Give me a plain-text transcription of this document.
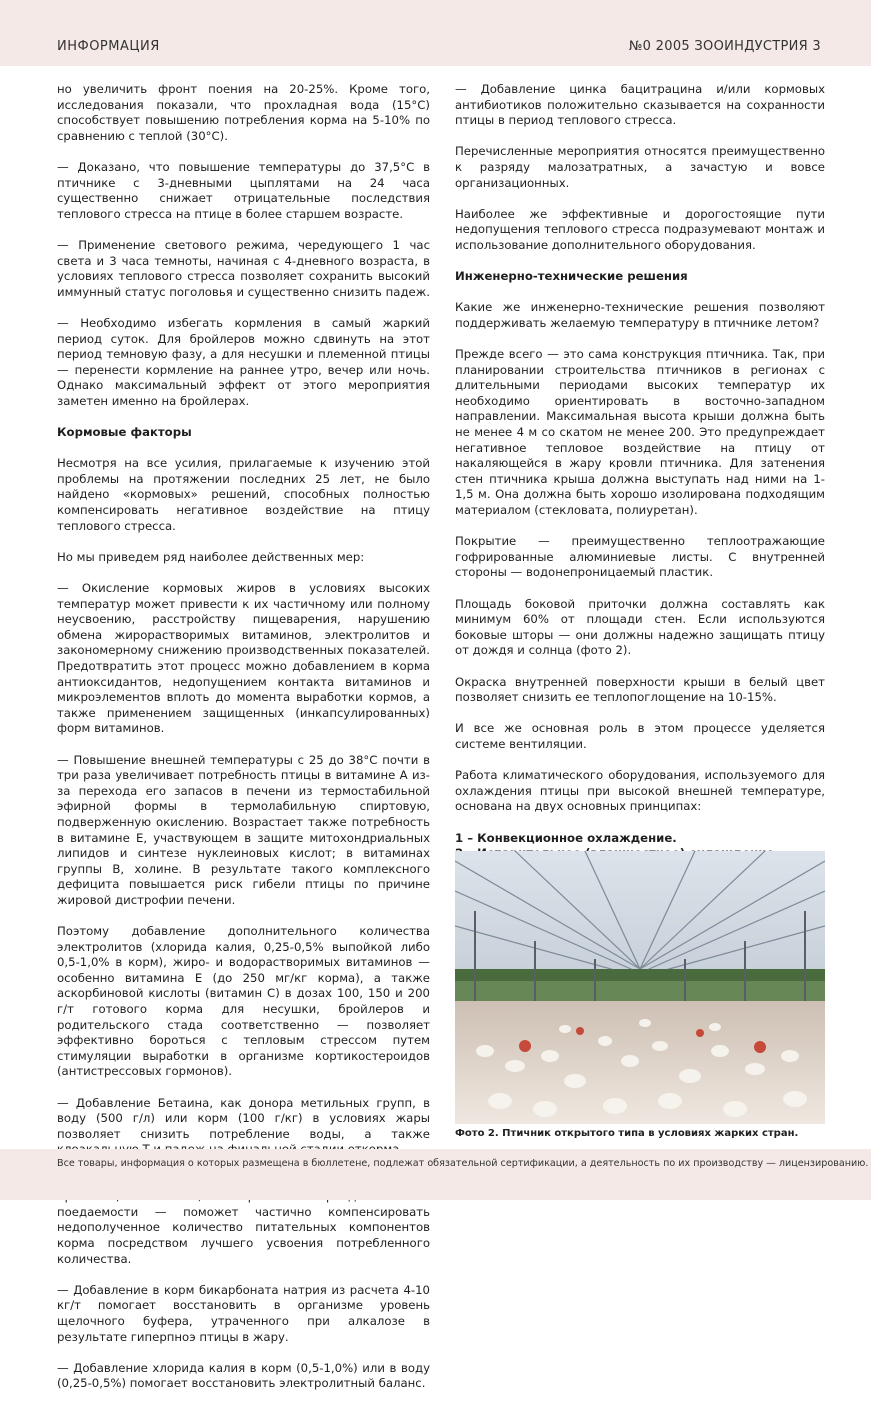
ИНФОРМАЦИЯ	№0 2005 ЗООИНДУСТРИЯ 3

но увеличить фронт поения на 20-25%. Кроме того, исследования показали, что прохладная вода (15°С) способствует повышению потребления корма на 5-10% по сравнению с теплой (30°С).

— Доказано, что повышение температуры до 37,5°С в птичнике с 3-дневными цыплятами на 24 часа существенно снижает отрицательные последствия теплового стресса на птице в более старшем возрасте.

— Применение светового режима, чередующего 1 час света и 3 часа темноты, начиная с 4-дневного возраста, в условиях теплового стресса позволяет сохранить высокий иммунный статус поголовья и существенно снизить падеж.

— Необходимо избегать кормления в самый жаркий период суток. Для бройлеров можно сдвинуть на этот период темновую фазу, а для несушки и племенной птицы — перенести кормление на раннее утро, вечер или ночь. Однако максимальный эффект от этого мероприятия заметен именно на бройлерах.

Кормовые факторы

Несмотря на все усилия, прилагаемые к изучению этой проблемы на протяжении последних 25 лет, не было найдено «кормовых» решений, способных полностью компенсировать негативное воздействие на птицу теплового стресса.

Но мы приведем ряд наиболее действенных мер:

— Окисление кормовых жиров в условиях высоких температур может привести к их частичному или полному неусвоению, расстройству пищеварения, нарушению обмена жирорастворимых витаминов, электролитов и закономерному снижению производственных показателей. Предотвратить этот процесс можно добавлением в корма антиоксидантов, недопущением контакта витаминов и микроэлементов вплоть до момента выработки кормов, а также применением защищенных (инкапсулированных) форм витаминов.

— Повышение внешней температуры с 25 до 38°С почти в три раза увеличивает потребность птицы в витамине А из-за перехода его запасов в печени из термостабильной эфирной формы в термолабильную спиртовую, подверженную окислению. Возрастает также потребность в витамине Е, участвующем в защите митохондриальных липидов и синтезе нуклеиновых кислот; в витаминах группы В, холине. В результате такого комплексного дефицита повышается риск гибели птицы по причине жировой дистрофии печени.

Поэтому добавление дополнительного количества электролитов (хлорида калия, 0,25-0,5% выпойкой либо 0,5-1,0% в корм), жиро- и водорастворимых витаминов — особенно витамина Е (до 250 мг/кг корма), а также аскорбиновой кислоты (витамин С) в дозах 100, 150 и 200 г/т готового корма для несушки, бройлеров и родительского стада соответственно — позволяет эффективно бороться с тепловым стрессом путем стимуляции выработки в организме кортикостероидов (антистрессовых гормонов).

— Добавление Бетаина, как донора метильных групп, в воду (500 г/л) или корм (100 г/кг) в условиях жары позволяет снизить потребление воды, а также

поедаемости — поможет частично компенсировать недополученное количество питательных компонентов корма посредством лучшего усвоения потребленного количества.

— Добавление в корм бикарбоната натрия из расчета 4-10 кг/т помогает восстановить в организме уровень щелочного буфера, утраченного при алкалозе в результате гиперпноэ птицы в жару.

— Добавление хлорида калия в корм (0,5-1,0%) или в воду (0,25-0,5%) помогает восстановить электролитный баланс.

— Добавление цинка бацитрацина и/или кормовых антибиотиков положительно сказывается на сохранности птицы в период теплового стресса.

Перечисленные мероприятия относятся преимущественно к разряду малозатратных, а зачастую и вовсе организационных.

Наиболее же эффективные и дорогостоящие пути недопущения теплового стресса подразумевают монтаж и использование дополнительного оборудования.

Инженерно-технические решения

Какие же инженерно-технические решения позволяют поддерживать желаемую температуру в птичнике летом?

Прежде всего — это сама конструкция птичника. Так, при планировании строительства птичников в регионах с длительными периодами высоких температур их необходимо ориентировать в восточно-западном направлении. Максимальная высота крыши должна быть не менее 4 м со скатом не менее 200. Это предупреждает негативное тепловое воздействие на птицу от накаляющейся в жару кровли птичника. Для затенения стен птичника крыша должна выступать над ними на 1-1,5 м. Она должна быть хорошо изолирована подходящим материалом (стекловата, полиуретан).

Покрытие — преимущественно теплоотражающие гофрированные алюминиевые листы. С внутренней стороны — водонепроницаемый пластик.

Площадь боковой приточки должна составлять как минимум 60% от площади стен. Если используются боковые шторы — они должны надежно защищать птицу от дождя и солнца (фото 2).

Окраска внутренней поверхности крыши в белый цвет позволяет снизить ее теплопоглощение на 10-15%.

И все же основная роль в этом процессе уделяется системе вентиляции.

Работа климатического оборудования, используемого для охлаждения птицы при высокой внешней температуре, основана на двух основных принципах:

1 – Конвекционное охлаждение.

Фото 2. Птичник открытого типа в условиях жарких стран.
Все товары, информация о которых размещена в бюллетене, подлежат обязательной сертификации, а деятельность по их производству — лицензированию.
